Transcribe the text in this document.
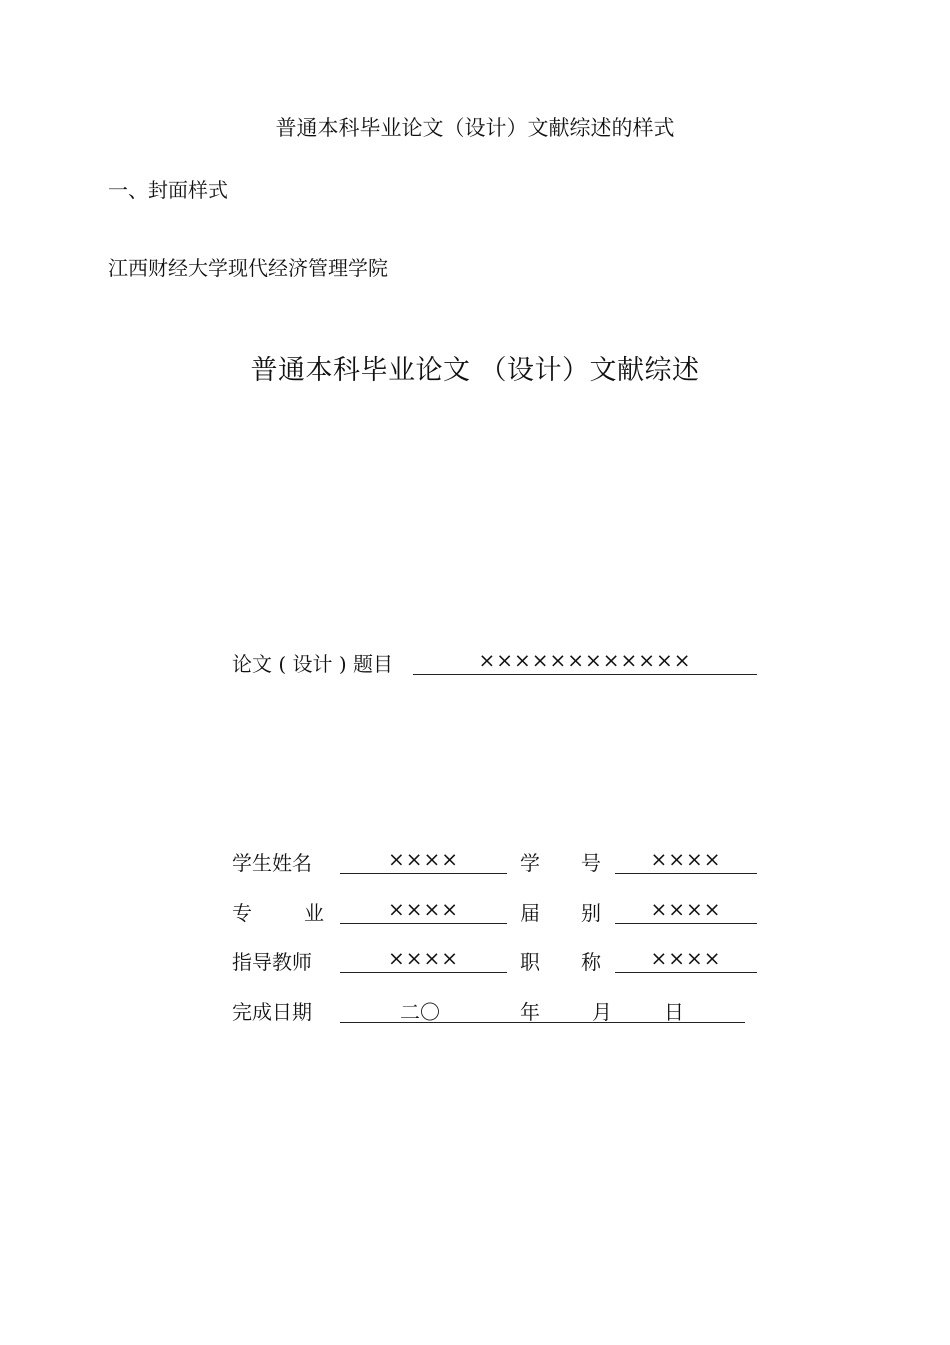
普通本科毕业论文（设计）文献综述的样式
一、封面样式
江西财经大学现代经济管理学院
普通本科毕业论文 （设计）文献综述
论文 ( 设计 ) 题目	××××××××××××
学生姓名	××××	学 号	××××
专	业	××××	届 别	××××
指导教师	××××	职 称	××××
完成日期	二〇	年	月	日
